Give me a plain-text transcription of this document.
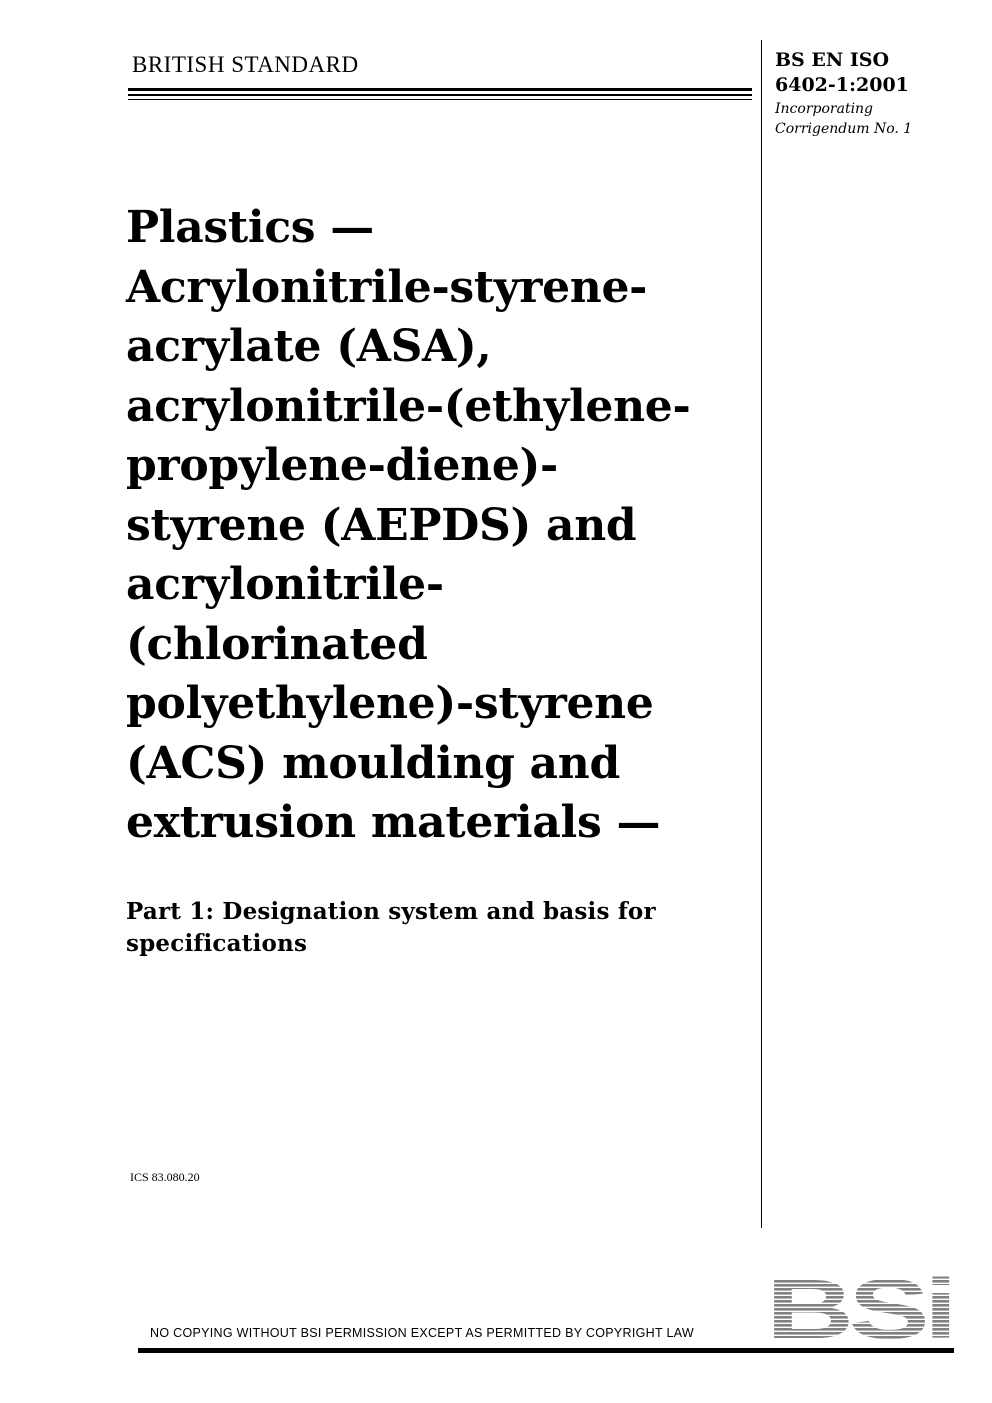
BRITISH STANDARD	BS EN ISO
6402-1:2001
Incorporating
Corrigendum No. 1
Plastics —
Acrylonitrile-styrene-
acrylate (ASA),
acrylonitrile-(ethylene-
propylene-diene)-
styrene (AEPDS) and
acrylonitrile-
(chlorinated
polyethylene)-styrene
(ACS) moulding and
extrusion materials —
Part 1: Designation system and basis for
specifications
ICS 83.080.20
BSi
NO COPYING WITHOUT BSI PERMISSION EXCEPT AS PERMITTED BY COPYRIGHT LAW
